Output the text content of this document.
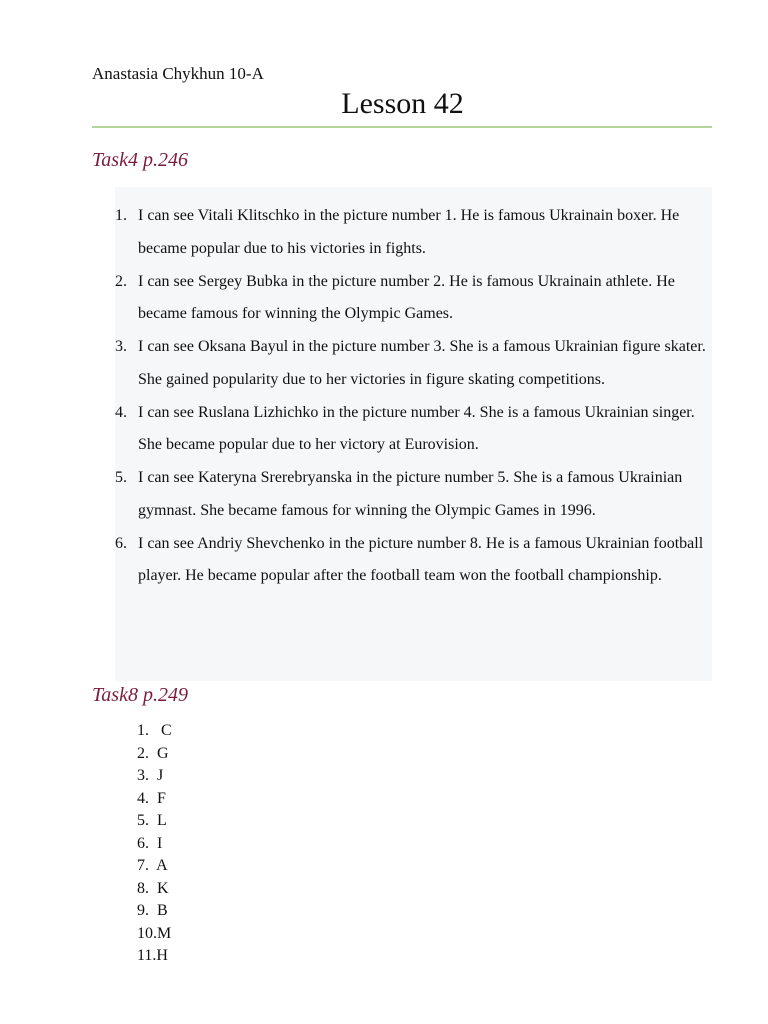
Anastasia Chykhun 10-A
Lesson 42
Task4 p.246
1. I can see Vitali Klitschko in the picture number 1. He is famous Ukrainain boxer. He became popular due to his victories in fights.
2. I can see Sergey Bubka in the picture number 2. He is famous Ukrainain athlete. He became famous for winning the Olympic Games.
3. I can see Oksana Bayul in the picture number 3. She is a famous Ukrainian figure skater. She gained popularity due to her victories in figure skating competitions.
4. I can see Ruslana Lizhichko in the picture number 4. She is a famous Ukrainian singer. She became popular due to her victory at Eurovision.
5. I can see Kateryna Srerebryanska in the picture number 5. She is a famous Ukrainian gymnast. She became famous for winning the Olympic Games in 1996.
6. I can see Andriy Shevchenko in the picture number 8. He is a famous Ukrainian football player. He became popular after the football team won the football championship.
Task8 p.249
1.   C
2.  G
3.  J
4.  F
5.  L
6.  I
7.  A
8.  K
9.  B
10.M
11.H
